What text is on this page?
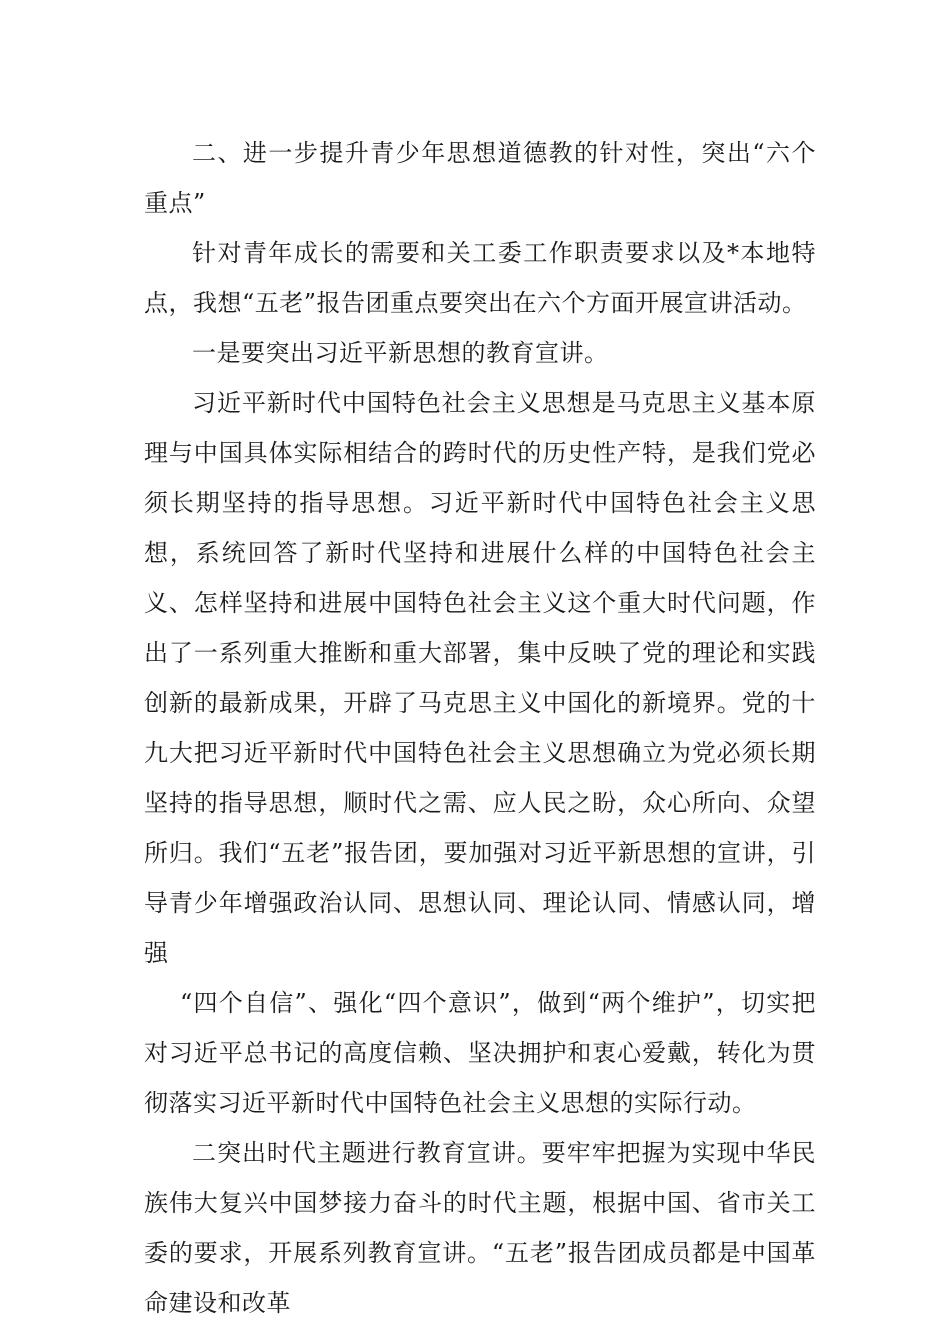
二、进一步提升青少年思想道德教的针对性，突出“六个重点”

针对青年成长的需要和关工委工作职责要求以及*本地特点，我想“五老”报告团重点要突出在六个方面开展宣讲活动。

一是要突出习近平新思想的教育宣讲。

习近平新时代中国特色社会主义思想是马克思主义基本原理与中国具体实际相结合的跨时代的历史性产特，是我们党必须长期坚持的指导思想。习近平新时代中国特色社会主义思想，系统回答了新时代坚持和进展什么样的中国特色社会主义、怎样坚持和进展中国特色社会主义这个重大时代问题，作出了一系列重大推断和重大部署，集中反映了党的理论和实践创新的最新成果，开辟了马克思主义中国化的新境界。党的十九大把习近平新时代中国特色社会主义思想确立为党必须长期坚持的指导思想，顺时代之需、应人民之盼，众心所向、众望所归。我们“五老”报告团，要加强对习近平新思想的宣讲，引导青少年增强政治认同、思想认同、理论认同、情感认同，增强

“四个自信”、强化“四个意识”，做到“两个维护”，切实把对习近平总书记的高度信赖、坚决拥护和衷心爱戴，转化为贯彻落实习近平新时代中国特色社会主义思想的实际行动。

二突出时代主题进行教育宣讲。要牢牢把握为实现中华民族伟大复兴中国梦接力奋斗的时代主题，根据中国、省市关工委的要求，开展系列教育宣讲。“五老”报告团成员都是中国革命建设和改革
